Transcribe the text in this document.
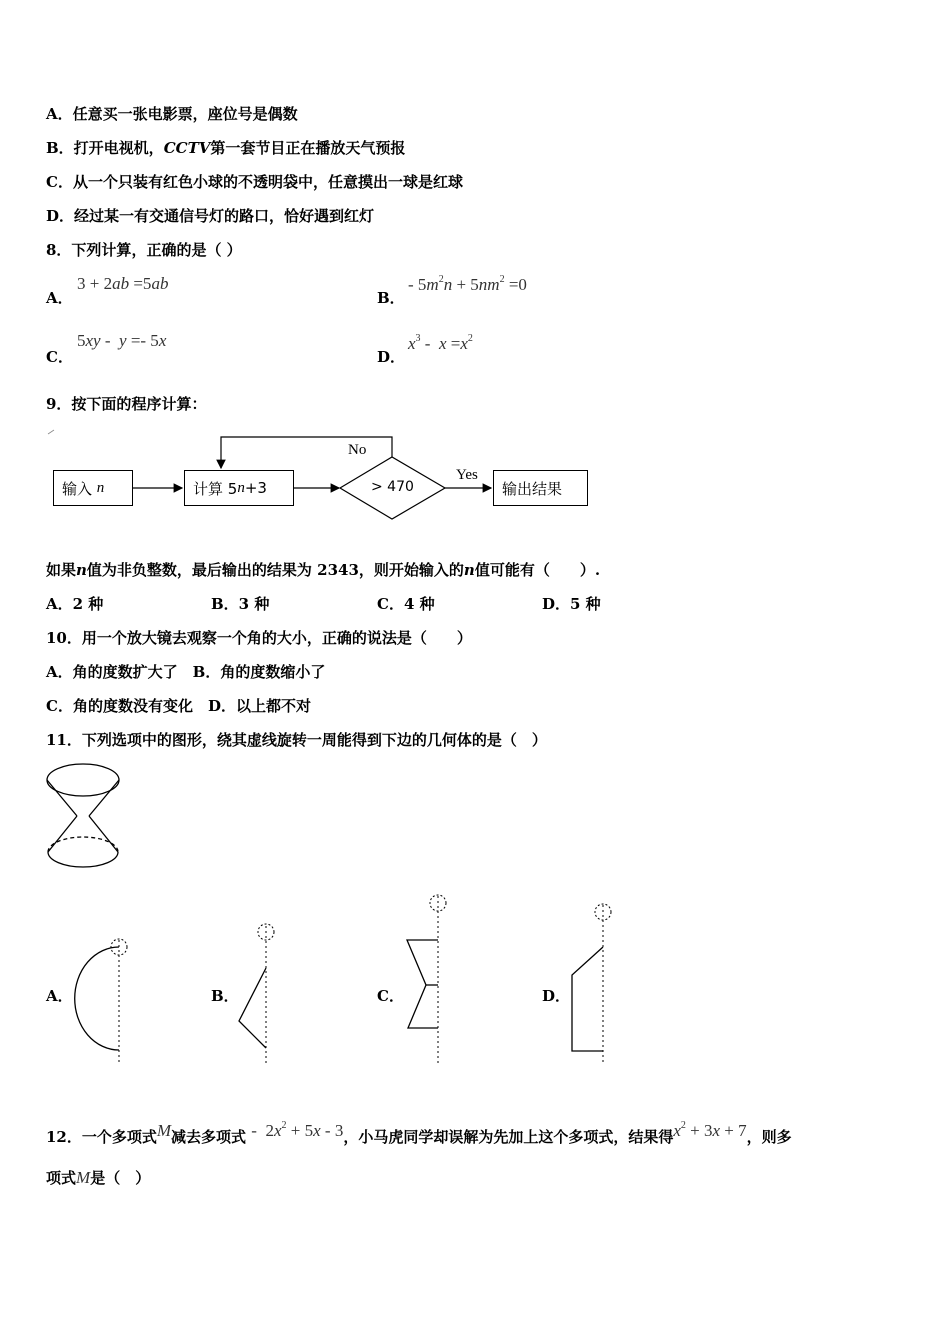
A．任意买一张电影票，座位号是偶数
B．打开电视机，CCTV第一套节目正在播放天气预报
C．从一个只装有红色小球的不透明袋中，任意摸出一球是红球
D．经过某一有交通信号灯的路口，恰好遇到红灯
8．下列计算，正确的是（ ）
A．
3 + 2ab =5ab
B．
- $5m^2n + 5nm^2 =0$
C．
5xy -  y =- 5x
D．
$x^3 - x =x^2$
9．按下面的程序计算：
输入
n	计算 5 n +3	> 470
No
Yes
输出结果
如果n值为非负整数，最后输出的结果为 2343，则开始输入的n值可能有（　　）.
A．2 种	B．3 种	C．4 种	D．5 种
10．用一个放大镜去观察一个角的大小，正确的说法是（　　）
A．角的度数扩大了　B．角的度数缩小了
C．角的度数没有变化　D．以上都不对
11．下列选项中的图形，绕其虚线旋转一周能得到下边的几何体的是（　）
A．	B．	C．	D．
12．一个多项式M减去多项式 -  $2x^2 + 5x - 3$，小马虎同学却误解为先加上这个多项式，结果得$x^2 + 3x + 7$，则多
项式M是（　）
